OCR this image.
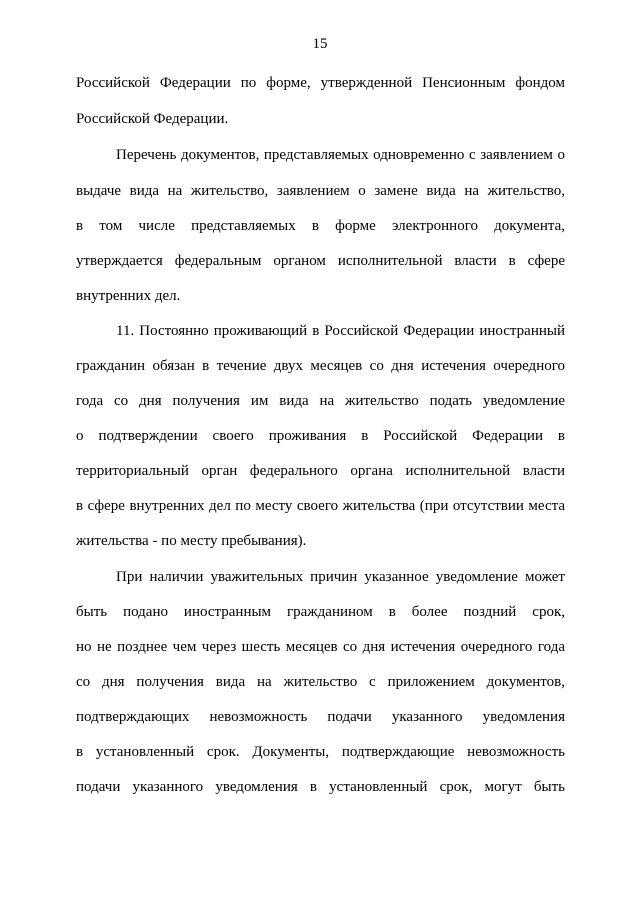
15
Российской Федерации по форме, утвержденной Пенсионным фондом
Российской Федерации.
Перечень документов, представляемых одновременно с заявлением о
выдаче вида на жительство, заявлением о замене вида на жительство,
в том числе представляемых в форме электронного документа,
утверждается федеральным органом исполнительной власти в сфере
внутренних дел.
11. Постоянно проживающий в Российской Федерации иностранный
гражданин обязан в течение двух месяцев со дня истечения очередного
года со дня получения им вида на жительство подать уведомление
о подтверждении своего проживания в Российской Федерации в
территориальный орган федерального органа исполнительной власти
в сфере внутренних дел по месту своего жительства (при отсутствии места
жительства - по месту пребывания).
При наличии уважительных причин указанное уведомление может
быть подано иностранным гражданином в более поздний срок,
но не позднее чем через шесть месяцев со дня истечения очередного года
со дня получения вида на жительство с приложением документов,
подтверждающих невозможность подачи указанного уведомления
в установленный срок. Документы, подтверждающие невозможность
подачи указанного уведомления в установленный срок, могут быть
